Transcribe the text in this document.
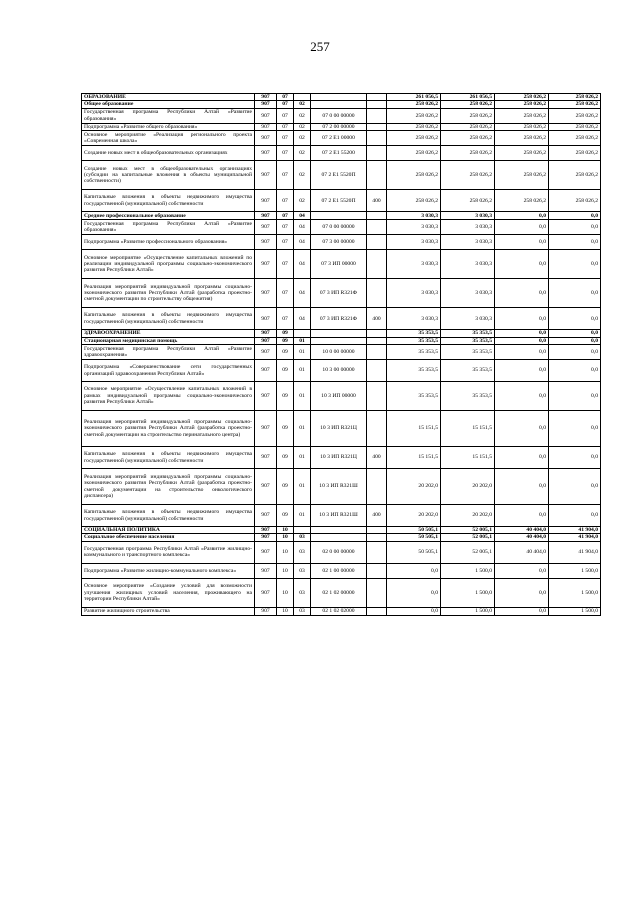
257
ОБРАЗОВАНИЕ	907	07				261 056,5	261 056,5	258 026,2	258 026,2
Общее образование	907	07	02			258 026,2	258 026,2	258 026,2	258 026,2
Государственная программа Республики Алтай «Развитие образования»	907	07	02	07 0 00 00000		258 026,2	258 026,2	258 026,2	258 026,2
Подпрограмма «Развитие общего образования»	907	07	02	07 2 00 00000		258 026,2	258 026,2	258 026,2	258 026,2
Основное мероприятие «Реализация регионального проекта «Современная школа»	907	07	02	07 2 E1 00000		258 026,2	258 026,2	258 026,2	258 026,2
Создание новых мест в общеобразовательных организациях	907	07	02	07 2 E1 55200		258 026,2	258 026,2	258 026,2	258 026,2
Создание новых мест в общеобразовательных организациях (субсидии на капитальные вложения в объекты муниципальной собственности)	907	07	02	07 2 E1 5520П		258 026,2	258 026,2	258 026,2	258 026,2
Капитальные вложения в объекты недвижимого имущества государственной (муниципальной) собственности	907	07	02	07 2 E1 5520П	400	258 026,2	258 026,2	258 026,2	258 026,2
Среднее профессиональное образование	907	07	04			3 030,3	3 030,3	0,0	0,0
Государственная программа Республики Алтай «Развитие образования»	907	07	04	07 0 00 00000		3 030,3	3 030,3	0,0	0,0
Подпрограмма «Развитие профессионального образования»	907	07	04	07 3 00 00000		3 030,3	3 030,3	0,0	0,0
Основное мероприятие «Осуществление капитальных вложений по реализации индивидуальной программы социально-экономического развития Республики Алтай»	907	07	04	07 3 ИП 00000		3 030,3	3 030,3	0,0	0,0
Реализация мероприятий индивидуальной программы социально-экономического развития Республики Алтай (разработка проектно-сметной документации по строительству общежития)	907	07	04	07 3 ИП R321Ф		3 030,3	3 030,3	0,0	0,0
Капитальные вложения в объекты недвижимого имущества государственной (муниципальной) собственности	907	07	04	07 3 ИП R321Ф	400	3 030,3	3 030,3	0,0	0,0
ЗДРАВООХРАНЕНИЕ	907	09				35 353,5	35 353,5	0,0	0,0
Стационарная медицинская помощь	907	09	01			35 353,5	35 353,5	0,0	0,0
Государственная программа Республики Алтай «Развитие здравоохранения»	907	09	01	10 0 00 00000		35 353,5	35 353,5	0,0	0,0
Подпрограмма «Совершенствование сети государственных организаций здравоохранения Республики Алтай»	907	09	01	10 3 00 00000		35 353,5	35 353,5	0,0	0,0
Основное мероприятие «Осуществление капитальных вложений в рамках индивидуальной программы социально-экономического развития Республики Алтай»	907	09	01	10 3 ИП 00000		35 353,5	35 353,5	0,0	0,0
Реализация мероприятий индивидуальной программы социально-экономического развития Республики Алтай (разработка проектно-сметной документации на строительство перинатального центра)	907	09	01	10 3 ИП R321Ц		15 151,5	15 151,5	0,0	0,0
Капитальные вложения в объекты недвижимого имущества государственной (муниципальной) собственности	907	09	01	10 3 ИП R321Ц	400	15 151,5	15 151,5	0,0	0,0
Реализация мероприятий индивидуальной программы социально-экономического развития Республики Алтай (разработка проектно-сметной документации на строительство онкологического диспансера)	907	09	01	10 3 ИП R321Ш		20 202,0	20 202,0	0,0	0,0
Капитальные вложения в объекты недвижимого имущества государственной (муниципальной) собственности	907	09	01	10 3 ИП R321Ш	400	20 202,0	20 202,0	0,0	0,0
СОЦИАЛЬНАЯ ПОЛИТИКА	907	10				50 505,1	52 005,1	40 404,0	41 904,0
Социальное обеспечение населения	907	10	03			50 505,1	52 005,1	40 404,0	41 904,0
Государственная программа Республики Алтай «Развитие жилищно-коммунального и транспортного комплекса»	907	10	03	02 0 00 00000		50 505,1	52 005,1	40 404,0	41 904,0
Подпрограмма «Развитие жилищно-коммунального комплекса»	907	10	03	02 1 00 00000		0,0	1 500,0	0,0	1 500,0
Основное мероприятие «Создание условий для возможности улучшения жилищных условий населения, проживающего на территории Республики Алтай»	907	10	03	02 1 02 00000		0,0	1 500,0	0,0	1 500,0
Развитие жилищного строительства	907	10	03	02 1 02 02000		0,0	1 500,0	0,0	1 500,0
